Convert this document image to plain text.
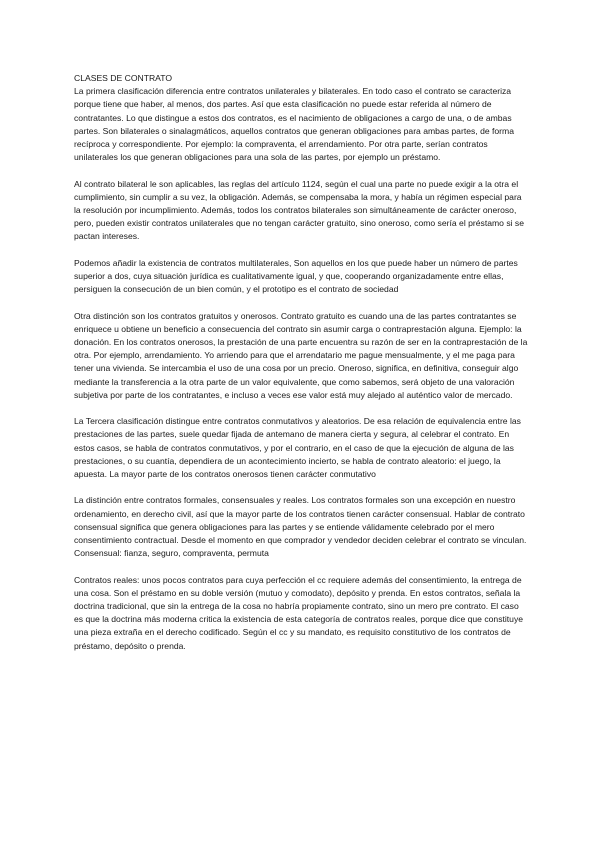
CLASES DE CONTRATO

La primera clasificación diferencia entre contratos unilaterales y bilaterales. En todo caso el contrato se caracteriza porque tiene que haber, al menos, dos partes. Así que esta clasificación no puede estar referida al número de contratantes. Lo que distingue a estos dos contratos, es el nacimiento de obligaciones a cargo de una, o de ambas partes. Son bilaterales o sinalagmáticos, aquellos contratos que generan obligaciones para ambas partes, de forma recíproca y correspondiente. Por ejemplo: la compraventa, el arrendamiento. Por otra parte, serían contratos unilaterales los que generan obligaciones para una sola de las partes, por ejemplo un préstamo.

Al contrato bilateral le son aplicables, las reglas del artículo 1124, según el cual una parte no puede exigir a la otra el cumplimiento, sin cumplir a su vez, la obligación. Además, se compensaba la mora, y había un régimen especial para la resolución por incumplimiento. Además, todos los contratos bilaterales son simultáneamente de carácter oneroso, pero, pueden existir contratos unilaterales que no tengan carácter gratuito, sino oneroso, como sería el préstamo si se pactan intereses.

Podemos añadir la existencia de contratos multilaterales, Son aquellos en los que puede haber un número de partes superior a dos, cuya situación jurídica es cualitativamente igual, y que, cooperando organizadamente entre ellas, persiguen la consecución de un bien común, y el prototipo es el contrato de sociedad

Otra distinción son los contratos gratuitos y onerosos. Contrato gratuito es cuando una de las partes contratantes se enriquece u obtiene un beneficio a consecuencia del contrato sin asumir carga o contraprestación alguna. Ejemplo: la donación. En los contratos onerosos, la prestación de una parte encuentra su razón de ser en la contraprestación de la otra. Por ejemplo, arrendamiento. Yo arriendo para que el arrendatario me pague mensualmente, y el me paga para tener una vivienda. Se intercambia el uso de una cosa por un precio. Oneroso, significa, en definitiva, conseguir algo mediante la transferencia a la otra parte de un valor equivalente, que como sabemos, será objeto de una valoración subjetiva por parte de los contratantes, e incluso a veces ese valor está muy alejado al auténtico valor de mercado.

La Tercera clasificación distingue entre contratos conmutativos y aleatorios. De esa relación de equivalencia entre las prestaciones de las partes, suele quedar fijada de antemano de manera cierta y segura, al celebrar el contrato. En estos casos, se habla de contratos conmutativos, y por el contrario, en el caso de que la ejecución de alguna de las prestaciones, o su cuantía, dependiera de un acontecimiento incierto, se habla de contrato aleatorio: el juego, la apuesta. La mayor parte de los contratos onerosos tienen carácter conmutativo

La distinción entre contratos formales, consensuales y reales. Los contratos formales son una excepción en nuestro ordenamiento, en derecho civil, así que la mayor parte de los contratos tienen carácter consensual. Hablar de contrato consensual significa que genera obligaciones para las partes y se entiende válidamente celebrado por el mero consentimiento contractual. Desde el momento en que comprador y vendedor deciden celebrar el contrato se vinculan. Consensual: fianza, seguro, compraventa, permuta

Contratos reales: unos pocos contratos para cuya perfección el cc requiere además del consentimiento, la entrega de una cosa. Son el préstamo en su doble versión (mutuo y comodato), depósito y prenda. En estos contratos, señala la doctrina tradicional, que sin la entrega de la cosa no habría propiamente contrato, sino un mero pre contrato. El caso es que la doctrina más moderna critica la existencia de esta categoría de contratos reales, porque dice que constituye una pieza extraña en el derecho codificado. Según el cc y su mandato, es requisito constitutivo de los contratos de préstamo, depósito o prenda.
